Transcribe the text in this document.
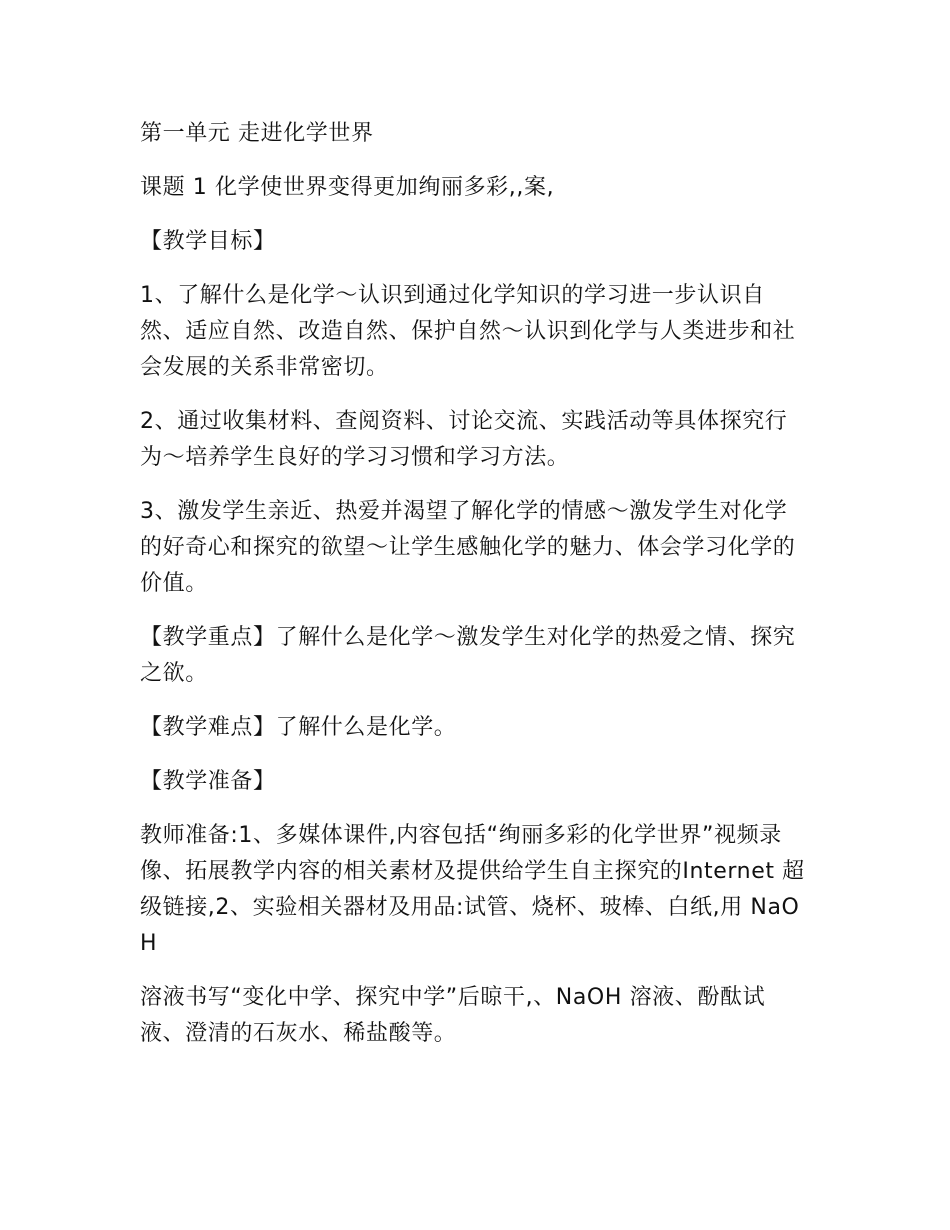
第一单元 走进化学世界

课题 1 化学使世界变得更加绚丽多彩,,案,

【教学目标】

1、了解什么是化学～认识到通过化学知识的学习进一步认识自然、适应自然、改造自然、保护自然～认识到化学与人类进步和社会发展的关系非常密切。

2、通过收集材料、查阅资料、讨论交流、实践活动等具体探究行为～培养学生良好的学习习惯和学习方法。

3、激发学生亲近、热爱并渴望了解化学的情感～激发学生对化学的好奇心和探究的欲望～让学生感触化学的魅力、体会学习化学的价值。

【教学重点】了解什么是化学～激发学生对化学的热爱之情、探究之欲。

【教学难点】了解什么是化学。

【教学准备】

教师准备:1、多媒体课件,内容包括“绚丽多彩的化学世界”视频录像、拓展教学内容的相关素材及提供给学生自主探究的Internet 超级链接,2、实验相关器材及用品:试管、烧杯、玻棒、白纸,用 NaOH

溶液书写“变化中学、探究中学”后晾干,、NaOH 溶液、酚酞试液、澄清的石灰水、稀盐酸等。
